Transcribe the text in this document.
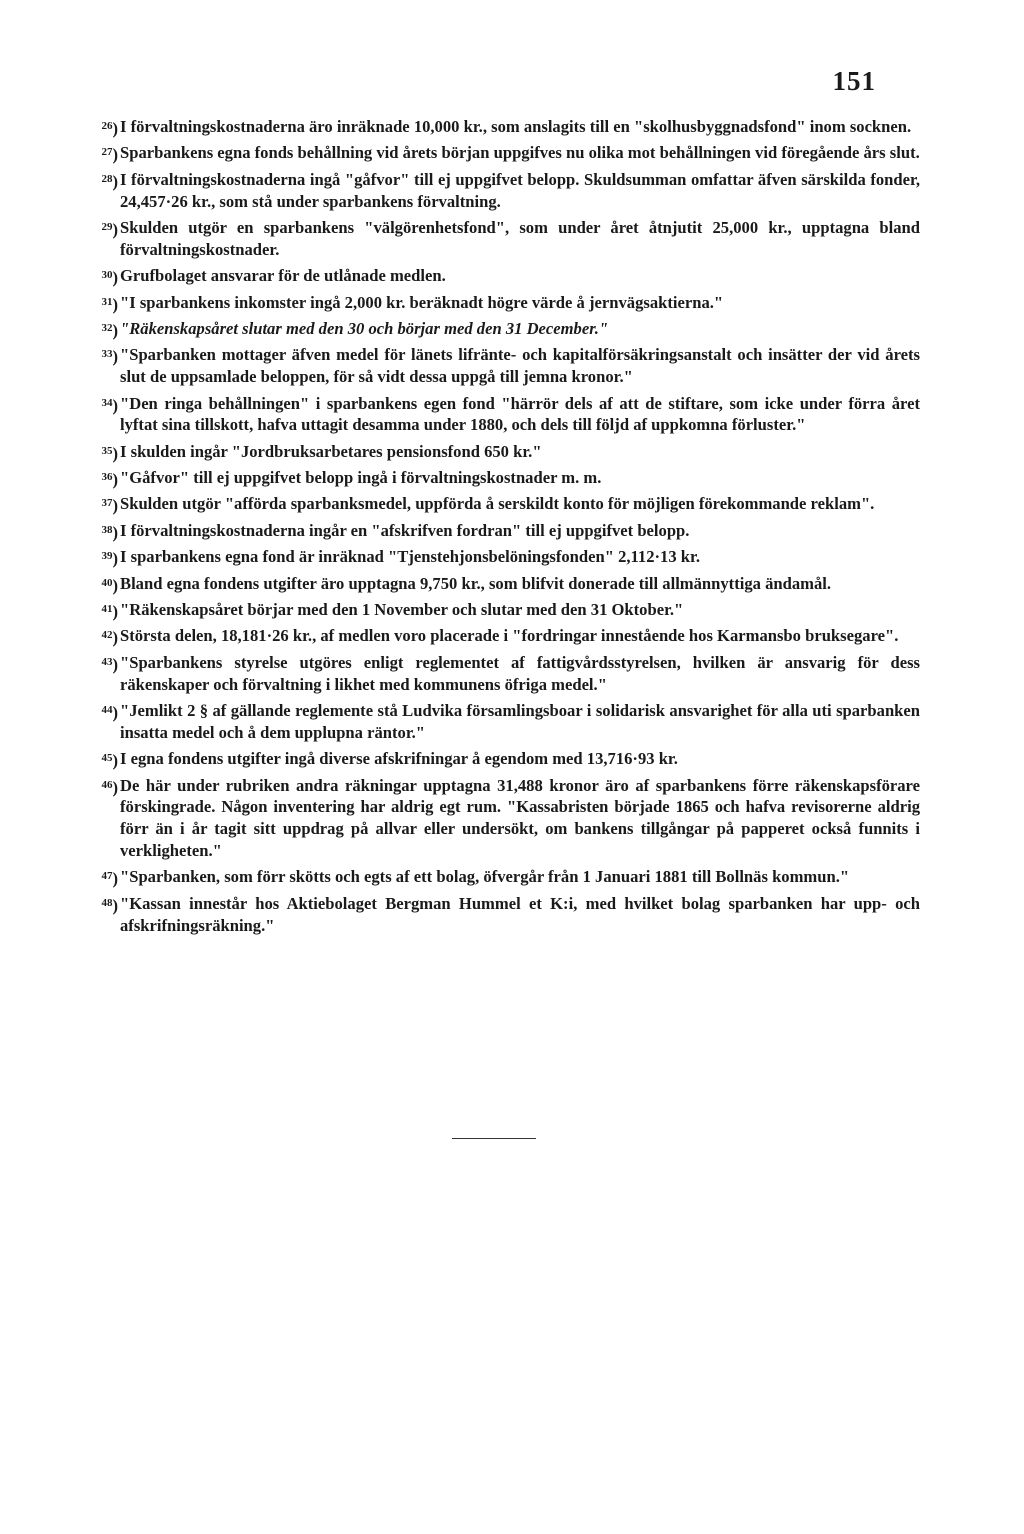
151
$^{26}$) I förvaltningskostnaderna äro inräknade 10,000 kr., som anslagits till en "skolhusbyggnadsfond" inom socknen.
$^{27}$) Sparbankens egna fonds behållning vid årets början uppgifves nu olika mot behållningen vid föregående års slut.
$^{28}$) I förvaltningskostnaderna ingå "gåfvor" till ej uppgifvet belopp. Skuldsumman omfattar äfven särskilda fonder, 24,457·26 kr., som stå under sparbankens förvaltning.
$^{29}$) Skulden utgör en sparbankens "välgörenhetsfond", som under året åtnjutit 25,000 kr., upptagna bland förvaltningskostnader.
$^{30}$) Grufbolaget ansvarar för de utlånade medlen.
$^{31}$) "I sparbankens inkomster ingå 2,000 kr. beräknadt högre värde å jernvägsaktierna."
$^{32}$) "Räkenskapsåret slutar med den 30 och börjar med den 31 December."
$^{33}$) "Sparbanken mottager äfven medel för länets lifränte- och kapitalförsäkringsanstalt och insätter der vid årets slut de uppsamlade beloppen, för så vidt dessa uppgå till jemna kronor."
$^{34}$) "Den ringa behållningen" i sparbankens egen fond "härrör dels af att de stiftare, som icke under förra året lyftat sina tillskott, hafva uttagit desamma under 1880, och dels till följd af uppkomna förluster."
$^{35}$) I skulden ingår "Jordbruksarbetares pensionsfond 650 kr."
$^{36}$) "Gåfvor" till ej uppgifvet belopp ingå i förvaltningskostnader m. m.
$^{37}$) Skulden utgör "afförda sparbanksmedel, uppförda å serskildt konto för möjligen förekommande reklam".
$^{38}$) I förvaltningskostnaderna ingår en "afskrifven fordran" till ej uppgifvet belopp.
$^{39}$) I sparbankens egna fond är inräknad "Tjenstehjonsbelöningsfonden" 2,112·13 kr.
$^{40}$) Bland egna fondens utgifter äro upptagna 9,750 kr., som blifvit donerade till allmännyttiga ändamål.
$^{41}$) "Räkenskapsåret börjar med den 1 November och slutar med den 31 Oktober."
$^{42}$) Största delen, 18,181·26 kr., af medlen voro placerade i "fordringar innestående hos Karmansbo bruksegare".
$^{43}$) "Sparbankens styrelse utgöres enligt reglementet af fattigvårdsstyrelsen, hvilken är ansvarig för dess räkenskaper och förvaltning i likhet med kommunens öfriga medel."
$^{44}$) "Jemlikt 2 § af gällande reglemente stå Ludvika församlingsboar i solidarisk ansvarighet för alla uti sparbanken insatta medel och å dem upplupna räntor."
$^{45}$) I egna fondens utgifter ingå diverse afskrifningar å egendom med 13,716·93 kr.
$^{46}$) De här under rubriken andra räkningar upptagna 31,488 kronor äro af sparbankens förre räkenskapsförare förskingrade. Någon inventering har aldrig egt rum. "Kassabristen började 1865 och hafva revisorerne aldrig förr än i år tagit sitt uppdrag på allvar eller undersökt, om bankens tillgångar på papperet också funnits i verkligheten."
$^{47}$) "Sparbanken, som förr skötts och egts af ett bolag, öfvergår från 1 Januari 1881 till Bollnäs kommun."
$^{48}$) "Kassan innestår hos Aktiebolaget Bergman Hummel et K:i, med hvilket bolag sparbanken har upp- och afskrifningsräkning."
